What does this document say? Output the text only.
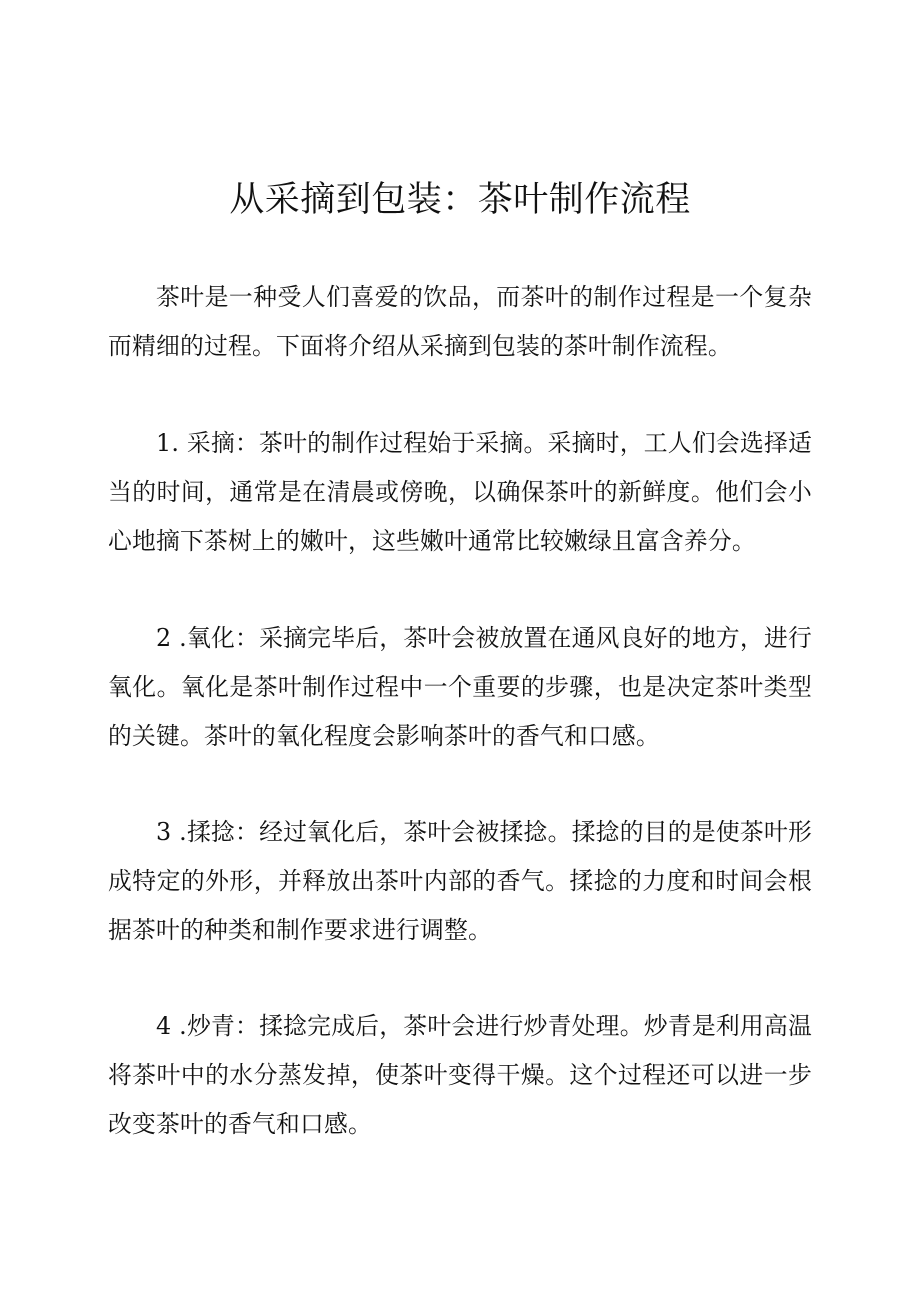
从采摘到包装：茶叶制作流程

茶叶是一种受人们喜爱的饮品，而茶叶的制作过程是一个复杂而精细的过程。下面将介绍从采摘到包装的茶叶制作流程。

1. 采摘：茶叶的制作过程始于采摘。采摘时，工人们会选择适当的时间，通常是在清晨或傍晚，以确保茶叶的新鲜度。他们会小心地摘下茶树上的嫩叶，这些嫩叶通常比较嫩绿且富含养分。

2 .氧化：采摘完毕后，茶叶会被放置在通风良好的地方，进行氧化。氧化是茶叶制作过程中一个重要的步骤，也是决定茶叶类型的关键。茶叶的氧化程度会影响茶叶的香气和口感。

3 .揉捻：经过氧化后，茶叶会被揉捻。揉捻的目的是使茶叶形成特定的外形，并释放出茶叶内部的香气。揉捻的力度和时间会根据茶叶的种类和制作要求进行调整。

4 .炒青：揉捻完成后，茶叶会进行炒青处理。炒青是利用高温将茶叶中的水分蒸发掉，使茶叶变得干燥。这个过程还可以进一步改变茶叶的香气和口感。
